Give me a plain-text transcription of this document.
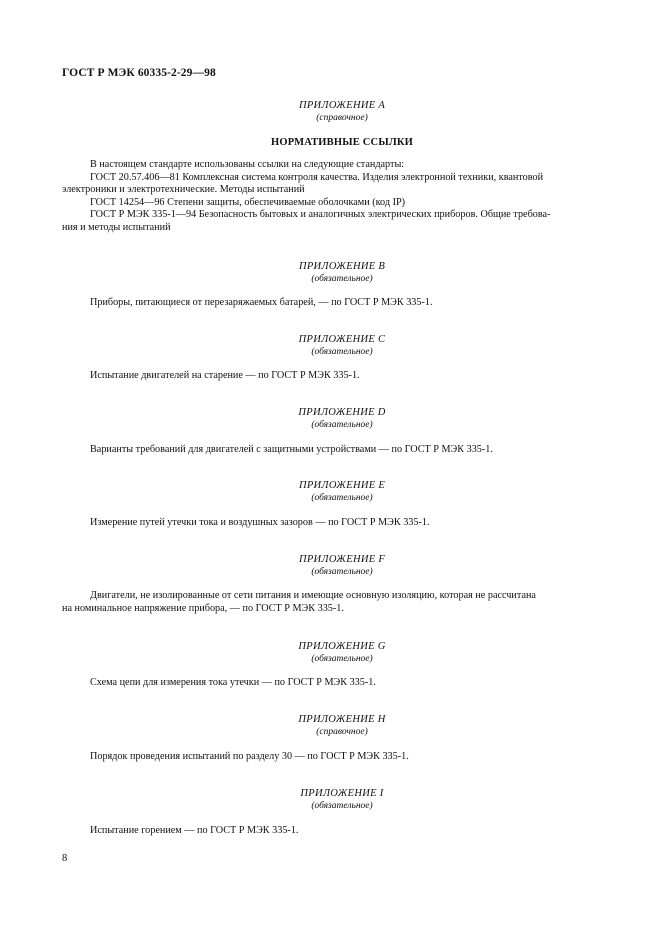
ГОСТ Р МЭК 60335-2-29—98
ПРИЛОЖЕНИЕ А
(справочное)
НОРМАТИВНЫЕ ССЫЛКИ
В настоящем стандарте использованы ссылки на следующие стандарты:
ГОСТ 20.57.406—81 Комплексная система контроля качества. Изделия электронной техники, квантовой
электроники и электротехнические. Методы испытаний
ГОСТ 14254—96 Степени защиты, обеспечиваемые оболочками (код IP)
ГОСТ Р МЭК 335-1—94 Безопасность бытовых и аналогичных электрических приборов. Общие требова-
ния и методы испытаний
ПРИЛОЖЕНИЕ В
(обязательное)
Приборы, питающиеся от перезаряжаемых батарей, — по ГОСТ Р МЭК 335-1.
ПРИЛОЖЕНИЕ С
(обязательное)
Испытание двигателей на старение — по ГОСТ Р МЭК 335-1.
ПРИЛОЖЕНИЕ D
(обязательное)
Варианты требований для двигателей с защитными устройствами — по ГОСТ Р МЭК 335-1.
ПРИЛОЖЕНИЕ Е
(обязательное)
Измерение путей утечки тока и воздушных зазоров — по ГОСТ Р МЭК 335-1.
ПРИЛОЖЕНИЕ F
(обязательное)
Двигатели, не изолированные от сети питания и имеющие основную изоляцию, которая не рассчитана
на номинальное напряжение прибора, — по ГОСТ Р МЭК 335-1.
ПРИЛОЖЕНИЕ G
(обязательное)
Схема цепи для измерения тока утечки — по ГОСТ Р МЭК 335-1.
ПРИЛОЖЕНИЕ Н
(справочное)
Порядок проведения испытаний по разделу 30 — по ГОСТ Р МЭК 335-1.
ПРИЛОЖЕНИЕ I
(обязательное)
Испытание горением — по ГОСТ Р МЭК 335-1.
8
